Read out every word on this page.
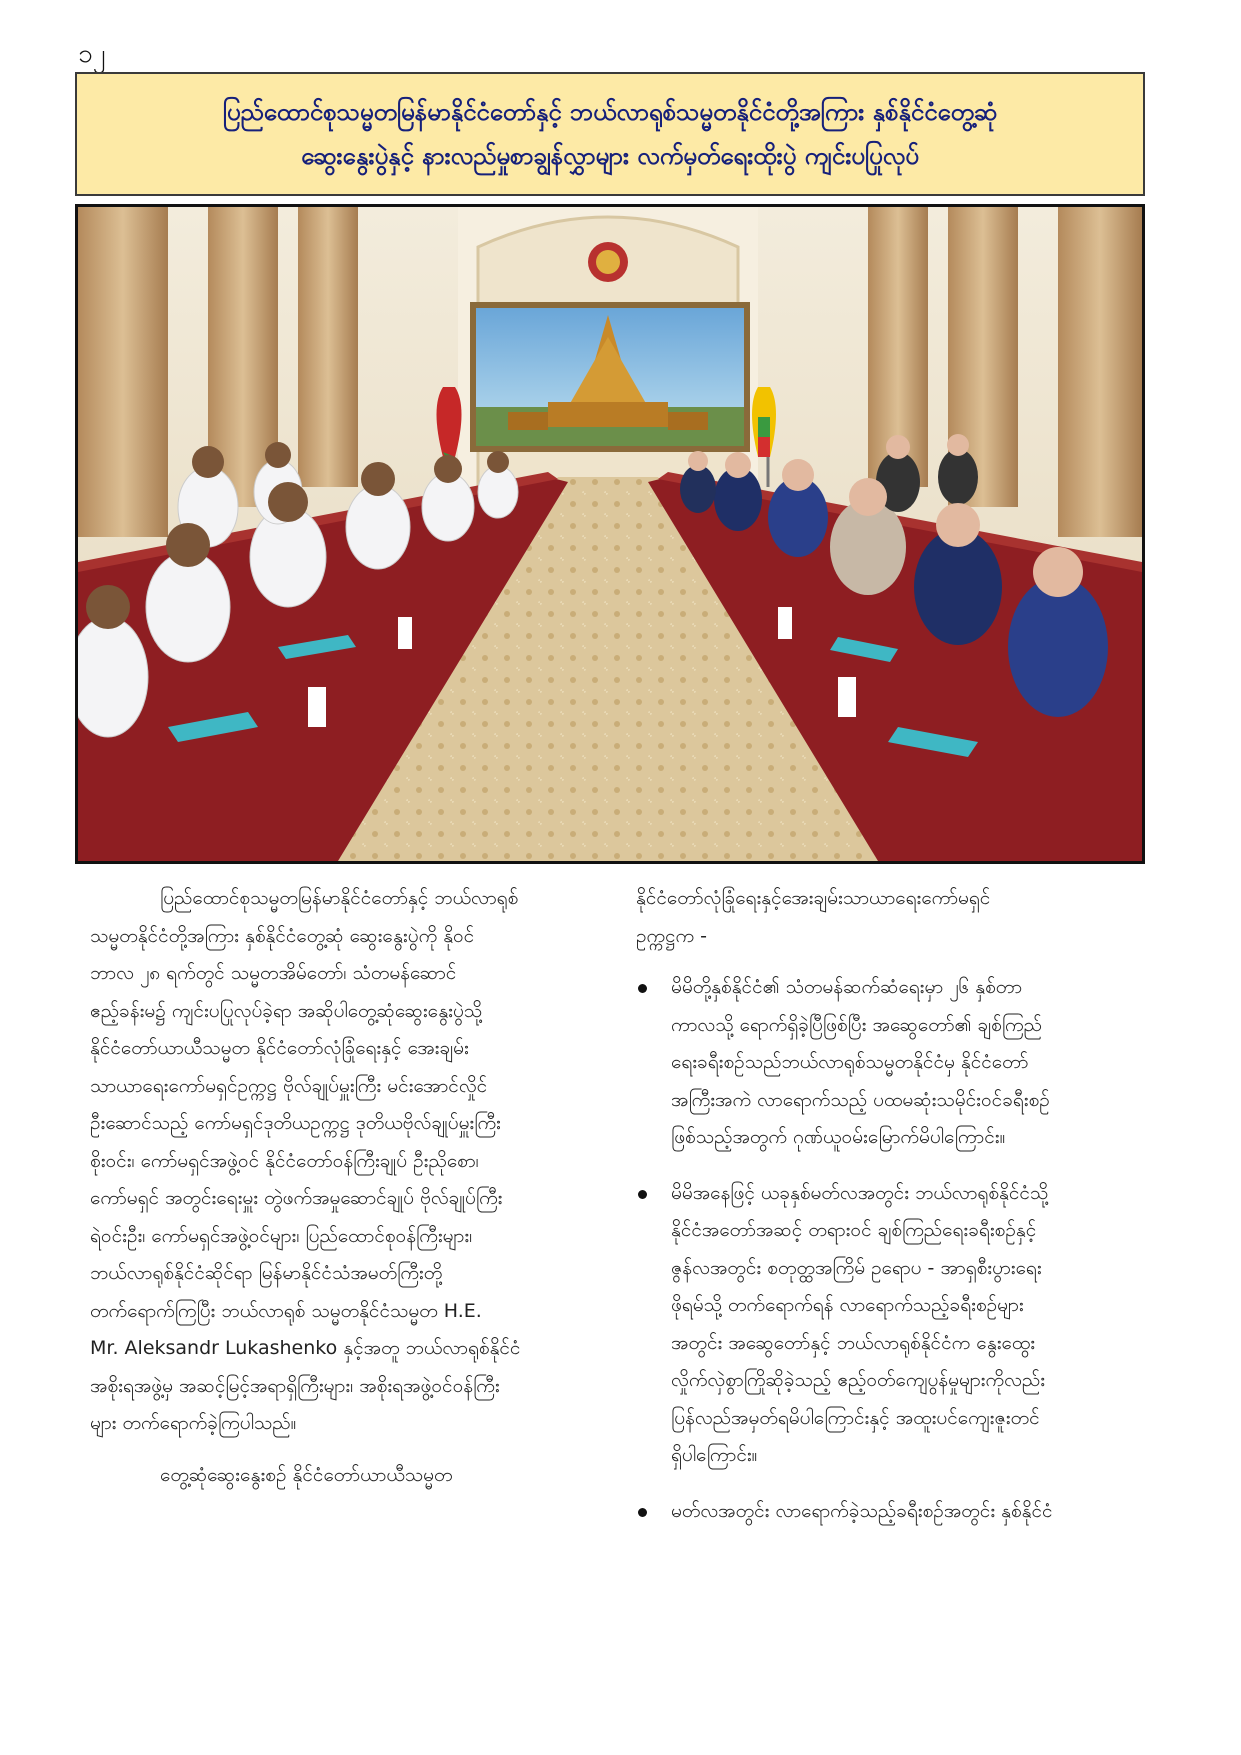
၁၂
ပြည်ထောင်စုသမ္မတမြန်မာနိုင်ငံတော်နှင့် ဘယ်လာရုစ်သမ္မတနိုင်ငံတို့အကြား နှစ်နိုင်ငံတွေ့ဆုံ
ဆွေးနွေးပွဲနှင့် နားလည်မှုစာချွန်လွှာများ လက်မှတ်ရေးထိုးပွဲ ကျင်းပပြုလုပ်

ပြည်ထောင်စုသမ္မတမြန်မာနိုင်ငံတော်နှင့် ဘယ်လာရုစ်

သမ္မတနိုင်ငံတို့အကြား နှစ်နိုင်ငံတွေ့ဆုံ ဆွေးနွေးပွဲကို နိုဝင်

ဘာလ ၂၈ ရက်တွင် သမ္မတအိမ်တော်၊ သံတမန်ဆောင်

ဧည့်ခန်းမ၌ ကျင်းပပြုလုပ်ခဲ့ရာ အဆိုပါတွေ့ဆုံဆွေးနွေးပွဲသို့

နိုင်ငံတော်ယာယီသမ္မတ နိုင်ငံတော်လုံခြုံရေးနှင့် အေးချမ်း

သာယာရေးကော်မရှင်ဥက္ကဋ္ဌ ဗိုလ်ချုပ်မှူးကြီး မင်းအောင်လှိုင်

ဦးဆောင်သည့် ကော်မရှင်ဒုတိယဥက္ကဋ္ဌ ဒုတိယဗိုလ်ချုပ်မှူးကြီး

စိုးဝင်း၊ ကော်မရှင်အဖွဲ့ဝင် နိုင်ငံတော်ဝန်ကြီးချုပ် ဦးညိုစော၊

ကော်မရှင် အတွင်းရေးမှူး တွဲဖက်အမှုဆောင်ချုပ် ဗိုလ်ချုပ်ကြီး

ရဲဝင်းဦး၊ ကော်မရှင်အဖွဲ့ဝင်များ၊ ပြည်ထောင်စုဝန်ကြီးများ၊

ဘယ်လာရုစ်နိုင်ငံဆိုင်ရာ မြန်မာနိုင်ငံသံအမတ်ကြီးတို့

တက်ရောက်ကြပြီး ဘယ်လာရုစ် သမ္မတနိုင်ငံသမ္မတ H.E.

Mr. Aleksandr Lukashenko နှင့်အတူ ဘယ်လာရုစ်နိုင်ငံ

အစိုးရအဖွဲ့မှ အဆင့်မြင့်အရာရှိကြီးများ၊ အစိုးရအဖွဲ့ဝင်ဝန်ကြီး

များ တက်ရောက်ခဲ့ကြပါသည်။

တွေ့ဆုံဆွေးနွေးစဉ် နိုင်ငံတော်ယာယီသမ္မတ

နိုင်ငံတော်လုံခြုံရေးနှင့်အေးချမ်းသာယာရေးကော်မရှင်

ဥက္ကဋ္ဌက -

မိမိတို့နှစ်နိုင်ငံ၏ သံတမန်ဆက်ဆံရေးမှာ ၂၆ နှစ်တာ
ကာလသို့ ရောက်ရှိခဲ့ပြီဖြစ်ပြီး အဆွေတော်၏ ချစ်ကြည်
ရေးခရီးစဉ်သည်ဘယ်လာရုစ်သမ္မတနိုင်ငံမှ နိုင်ငံတော်
အကြီးအကဲ လာရောက်သည့် ပထမဆုံးသမိုင်းဝင်ခရီးစဉ်
ဖြစ်သည့်အတွက် ဂုဏ်ယူဝမ်းမြောက်မိပါကြောင်း။
မိမိအနေဖြင့် ယခုနှစ်မတ်လအတွင်း ဘယ်လာရုစ်နိုင်ငံသို့
နိုင်ငံအတော်အဆင့် တရားဝင် ချစ်ကြည်ရေးခရီးစဉ်နှင့်
ဇွန်လအတွင်း စတုတ္ထအကြိမ် ဥရောပ - အာရှစီးပွားရေး
ဖိုရမ်သို့ တက်ရောက်ရန် လာရောက်သည့်ခရီးစဉ်များ
အတွင်း အဆွေတော်နှင့် ဘယ်လာရုစ်နိုင်ငံက နွေးထွေး
လှိုက်လှဲစွာကြိုဆိုခဲ့သည့် ဧည့်ဝတ်ကျေပွန်မှုများကိုလည်း
ပြန်လည်အမှတ်ရမိပါကြောင်းနှင့် အထူးပင်ကျေးဇူးတင်
ရှိပါကြောင်း။
မတ်လအတွင်း လာရောက်ခဲ့သည့်ခရီးစဉ်အတွင်း နှစ်နိုင်ငံ
